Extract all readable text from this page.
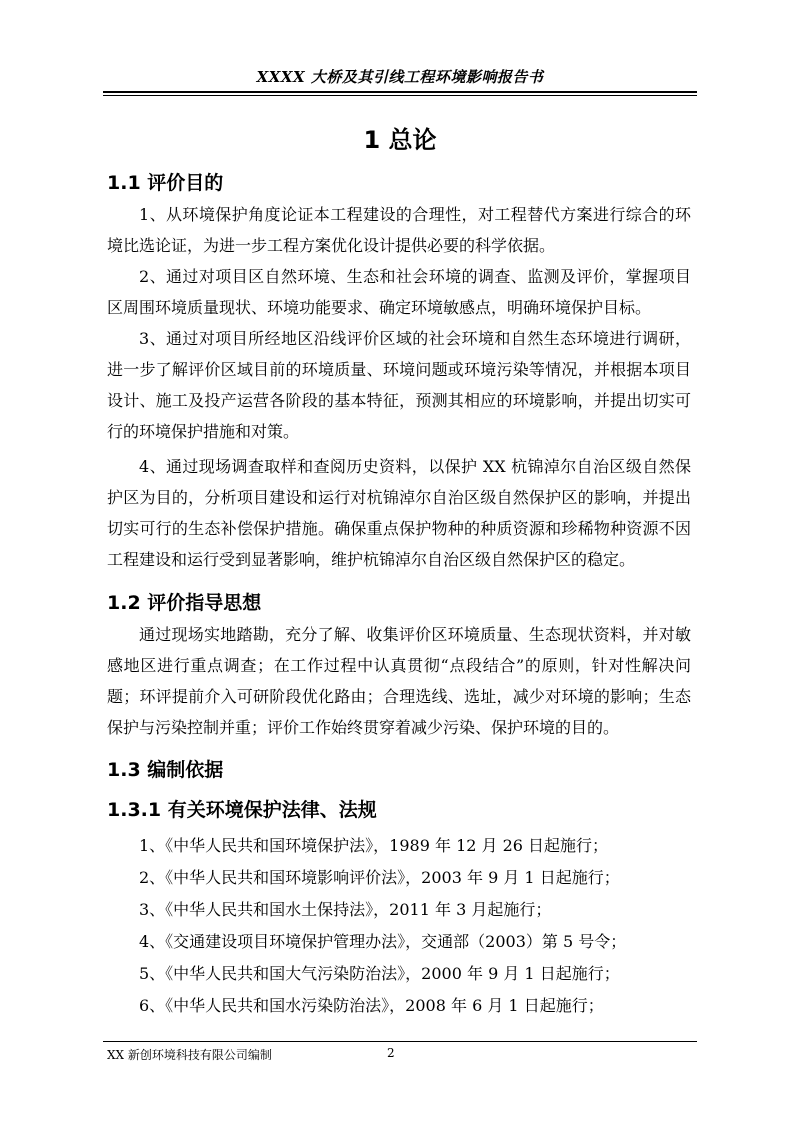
XXXX 大桥及其引线工程环境影响报告书
1 总论
1.1 评价目的
1、从环境保护角度论证本工程建设的合理性，对工程替代方案进行综合的环境比选论证，为进一步工程方案优化设计提供必要的科学依据。
2、通过对项目区自然环境、生态和社会环境的调查、监测及评价，掌握项目区周围环境质量现状、环境功能要求、确定环境敏感点，明确环境保护目标。
3、通过对项目所经地区沿线评价区域的社会环境和自然生态环境进行调研，进一步了解评价区域目前的环境质量、环境问题或环境污染等情况，并根据本项目设计、施工及投产运营各阶段的基本特征，预测其相应的环境影响，并提出切实可行的环境保护措施和对策。
4、通过现场调查取样和查阅历史资料，以保护 XX 杭锦淖尔自治区级自然保护区为目的，分析项目建设和运行对杭锦淖尔自治区级自然保护区的影响，并提出切实可行的生态补偿保护措施。确保重点保护物种的种质资源和珍稀物种资源不因工程建设和运行受到显著影响，维护杭锦淖尔自治区级自然保护区的稳定。
1.2 评价指导思想
通过现场实地踏勘，充分了解、收集评价区环境质量、生态现状资料，并对敏感地区进行重点调查；在工作过程中认真贯彻“点段结合”的原则，针对性解决问题；环评提前介入可研阶段优化路由；合理选线、选址，减少对环境的影响；生态保护与污染控制并重；评价工作始终贯穿着减少污染、保护环境的目的。
1.3 编制依据
1.3.1 有关环境保护法律、法规
1、《中华人民共和国环境保护法》，1989 年 12 月 26 日起施行；
2、《中华人民共和国环境影响评价法》，2003 年 9 月 1 日起施行；
3、《中华人民共和国水土保持法》，2011 年 3 月起施行；
4、《交通建设项目环境保护管理办法》，交通部（2003）第 5 号令；
5、《中华人民共和国大气污染防治法》，2000 年 9 月 1 日起施行；
6、《中华人民共和国水污染防治法》，2008 年 6 月 1 日起施行；
XX 新创环境科技有限公司编制	2
